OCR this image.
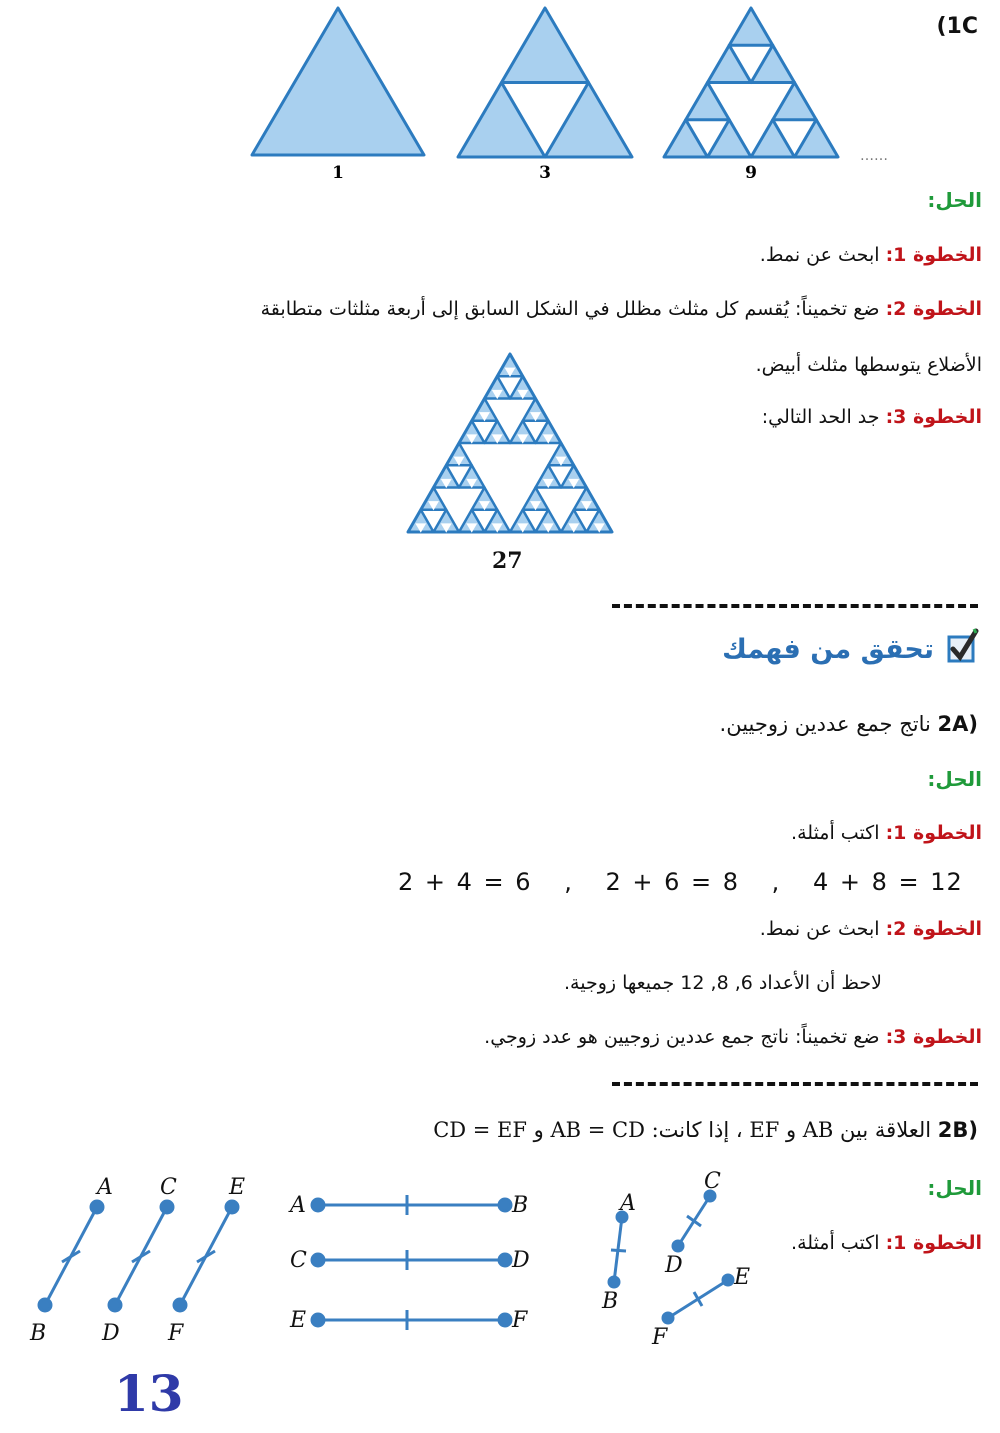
(1C
……
1	3	9
الحل:
الخطوة 1: ابحث عن نمط.
الخطوة 2: ضع تخميناً: يُقسم كل مثلث مظلل في الشكل السابق إلى أربعة مثلثات متطابقة
الأضلاع يتوسطها مثلث أبيض.
الخطوة 3: جد الحد التالي:
27
تحقق من فهمك
2A) ناتج جمع عددين زوجيين.
الحل:
الخطوة 1: اكتب أمثلة.
2 + 4 = 6 , 2 + 6 = 8 , 4 + 8 = 12
الخطوة 2: ابحث عن نمط.
لاحظ أن الأعداد 6, 8, 12 جميعها زوجية.
الخطوة 3: ضع تخميناً: ناتج جمع عددين زوجيين هو عدد زوجي.
2B) العلاقة بين AB و EF ، إذا كانت: AB = CD و CD = EF
الحل:
الخطوة 1: اكتب أمثلة.
A
B
C
D
E
F
A	B
C	D
E	F
A
B
C
D E
F
13
